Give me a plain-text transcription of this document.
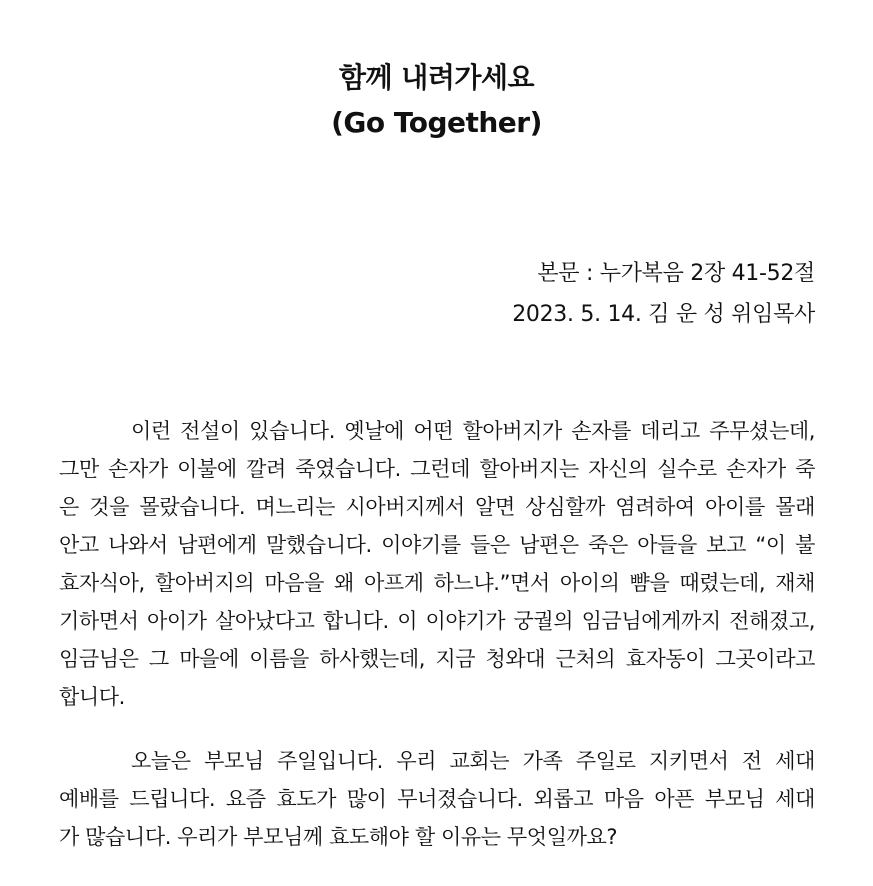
함께 내려가세요
(Go Together)
본문 : 누가복음 2장 41-52절
2023. 5. 14. 김 운 성 위임목사
이런 전설이 있습니다. 옛날에 어떤 할아버지가 손자를 데리고 주무셨는데,
그만 손자가 이불에 깔려 죽였습니다. 그런데 할아버지는 자신의 실수로 손자가 죽
은 것을 몰랐습니다. 며느리는 시아버지께서 알면 상심할까 염려하여 아이를 몰래
안고 나와서 남편에게 말했습니다. 이야기를 들은 남편은 죽은 아들을 보고 “이 불
효자식아, 할아버지의 마음을 왜 아프게 하느냐.”면서 아이의 뺨을 때렸는데, 재채
기하면서 아이가 살아났다고 합니다. 이 이야기가 궁궐의 임금님에게까지 전해졌고,
임금님은 그 마을에 이름을 하사했는데, 지금 청와대 근처의 효자동이 그곳이라고
합니다.
오늘은 부모님 주일입니다. 우리 교회는 가족 주일로 지키면서 전 세대
예배를 드립니다. 요즘 효도가 많이 무너졌습니다. 외롭고 마음 아픈 부모님 세대
가 많습니다. 우리가 부모님께 효도해야 할 이유는 무엇일까요?
